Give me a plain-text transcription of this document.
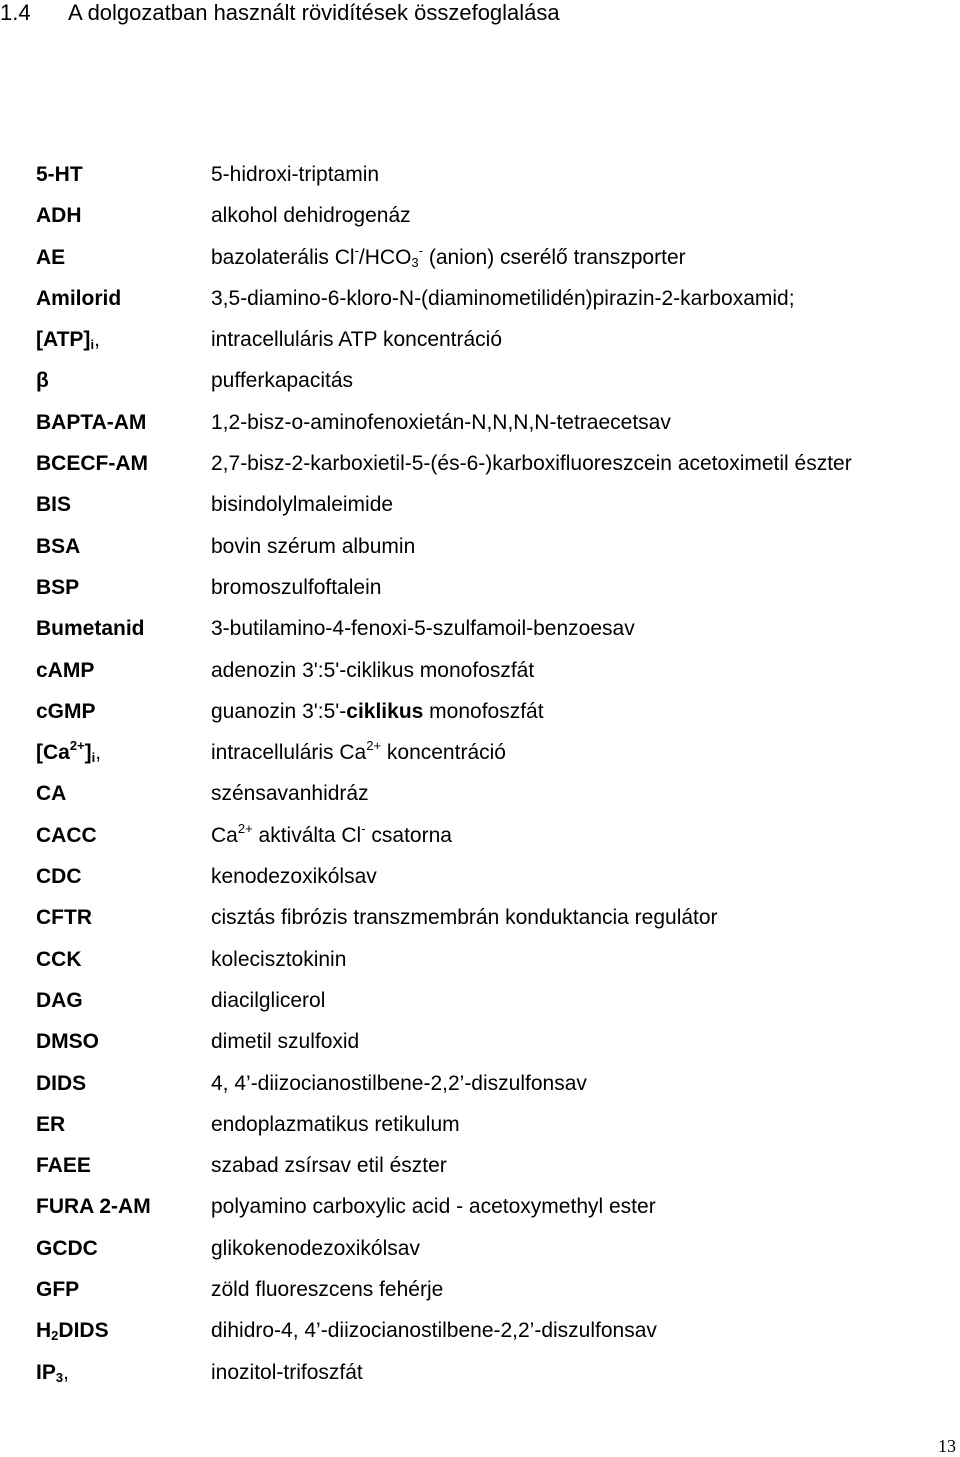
1.4 A dolgozatban használt rövidítések összefoglalása
5-HT	5-hidroxi-triptamin
ADH	alkohol dehidrogenáz
AE	bazolaterális $Cl^-/HCO_3^-$ (anion) cserélő transzporter
Amilorid	3,5-diamino-6-kloro-N-(diaminometilidén)pirazin-2-karboxamid;
$[ATP]_i$,	intracelluláris ATP koncentráció
β	pufferkapacitás
BAPTA-AM	1,2-bisz-o-aminofenoxietán-N,N,N,N-tetraecetsav
BCECF-AM	2,7-bisz-2-karboxietil-5-(és-6-)karboxifluoreszcein acetoximetil észter
BIS	bisindolylmaleimide
BSA	bovin szérum albumin
BSP	bromoszulfoftalein
Bumetanid	3-butilamino-4-fenoxi-5-szulfamoil-benzoesav
cAMP	adenozin 3':5'-ciklikus monofoszfát
cGMP	guanozin 3':5'-ciklikus monofoszfát
$[Ca^{2+}]_i$,	intracelluláris $Ca^{2+}$ koncentráció
CA	szénsavanhidráz
CACC	$Ca^{2+}$ aktiválta Cl- csatorna
CDC	kenodezoxikólsav
CFTR	cisztás fibrózis transzmembrán konduktancia regulátor
CCK	kolecisztokinin
DAG	diacilglicerol
DMSO	dimetil szulfoxid
DIDS	4, 4’-diizocianostilbene-2,2’-diszulfonsav
ER	endoplazmatikus retikulum
FAEE	szabad zsírsav etil észter
FURA 2-AM	polyamino carboxylic acid - acetoxymethyl ester
GCDC	glikokenodezoxikólsav
GFP	zöld fluoreszcens fehérje
$H_2DIDS$	dihidro-4, 4’-diizocianostilbene-2,2’-diszulfonsav
$IP_3$,	inozitol-trifoszfát
13
